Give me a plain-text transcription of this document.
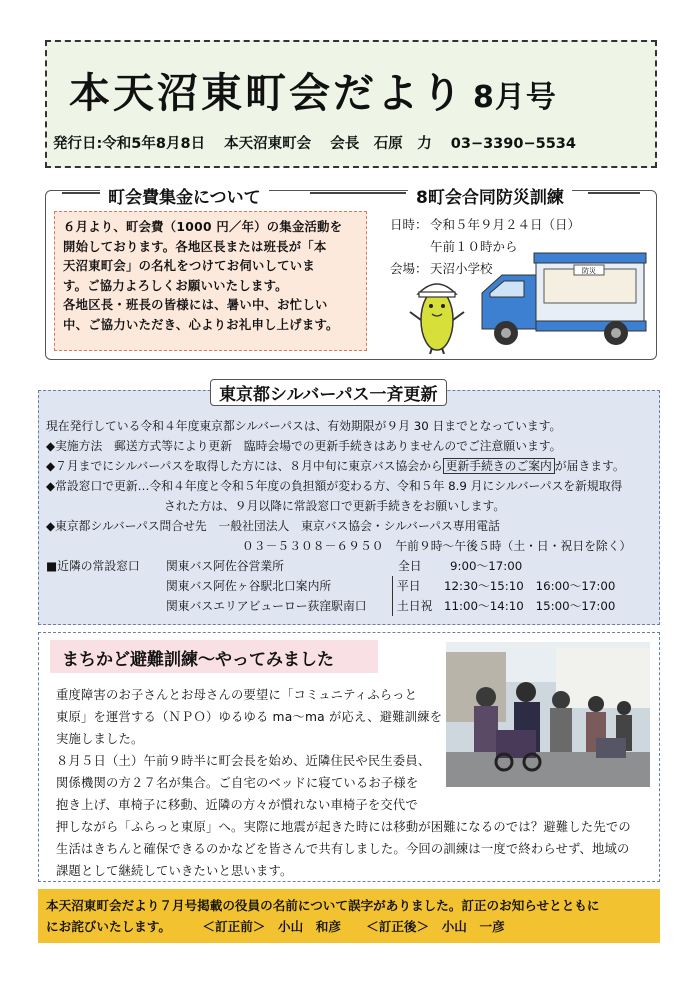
本天沼東町会だより 8月号
発行日:令和5年8月8日 本天沼東町会 会長　石原　力 03−3390−5534
町会費集金について	8町会合同防災訓練
６月より、町会費（1000 円／年）の集金活動を
開始しております。各地区長または班長が「本
天沼東町会」の名札をつけてお伺いしていま
す。ご協力よろしくお願いいたします。
各地区長・班長の皆様には、暑い中、お忙しい
中、ご協力いただき、心よりお礼申し上げます。
日時： 令和５年９月２４日（日）
午前１０時から
会場： 天沼小学校	防災
東京都シルバーパス一斉更新
現在発行している令和４年度東京都シルバーパスは、有効期限が９月 30 日までとなっています。
◆実施方法　郵送方式等により更新　臨時会場での更新手続きはありませんのでご注意願います。
◆７月までにシルバーパスを取得した方には、８月中旬に東京バス協会から 更新手続きのご案内 が届きます。
◆常設窓口で更新…令和４年度と令和５年度の負担額が変わる方、令和５年 8.9 月にシルバーパスを新規取得
された方は、９月以降に常設窓口で更新手続きをお願いします。
◆東京都シルバーパス問合せ先　一般社団法人　東京バス協会・シルバーパス専用電話
０３－５３０８－６９５０　午前９時～午後５時（土・日・祝日を除く）
■近隣の常設窓口	関東バス阿佐谷営業所	全日	9:00～17:00
関東バス阿佐ヶ谷駅北口案内所	平日	12:30～15:10　16:00～17:00
関東バスエリアビューロー荻窪駅南口	土日祝 11:00～14:10　15:00～17:00
まちかど避難訓練～やってみました
重度障害のお子さんとお母さんの要望に「コミュニティふらっと
東原」を運営する（ＮＰＯ）ゆるゆる ma～ma が応え、避難訓練を
実施しました。
８月５日（土）午前９時半に町会長を始め、近隣住民や民生委員、
関係機関の方２７名が集合。ご自宅のベッドに寝ているお子様を
抱き上げ、車椅子に移動、近隣の方々が慣れない車椅子を交代で
押しながら「ふらっと東原」へ。実際に地震が起きた時には移動が困難になるのでは？避難した先での
生活はきちんと確保できるのかなどを皆さんで共有しました。今回の訓練は一度で終わらせず、地域の
課題として継続していきたいと思います。
本天沼東町会だより７月号掲載の役員の名前について誤字がありました。訂正のお知らせとともに
にお詫びいたします。　　　＜訂正前＞　小山　和彦　　＜訂正後＞　小山　一彦
